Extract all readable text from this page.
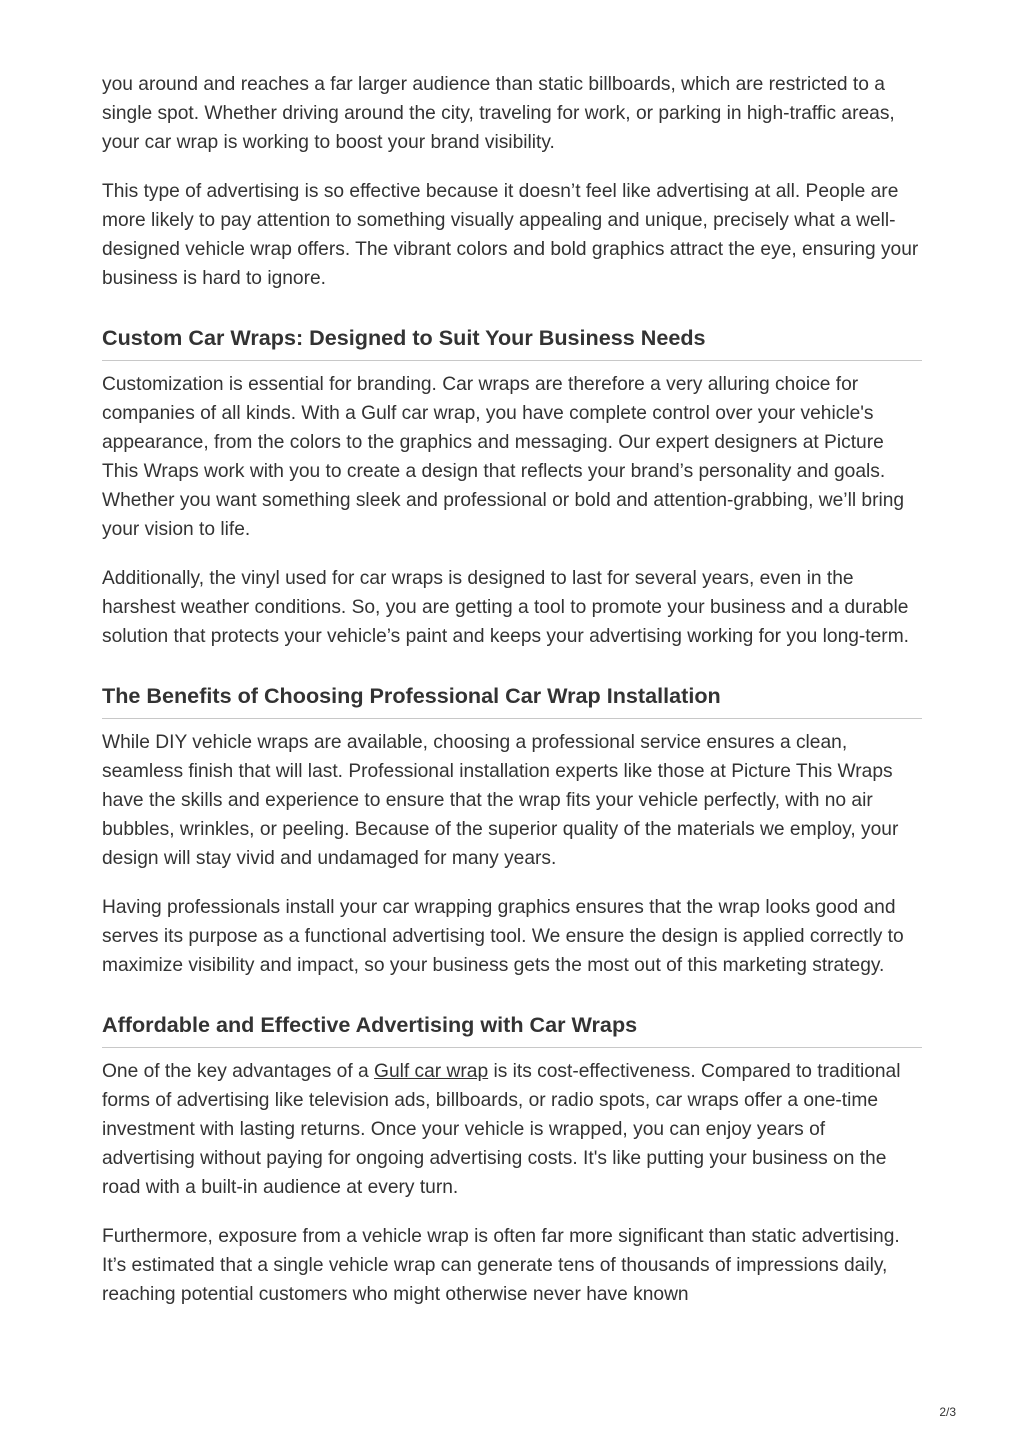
you around and reaches a far larger audience than static billboards, which are restricted to a single spot. Whether driving around the city, traveling for work, or parking in high-traffic areas, your car wrap is working to boost your brand visibility.

This type of advertising is so effective because it doesn’t feel like advertising at all. People are more likely to pay attention to something visually appealing and unique, precisely what a well-designed vehicle wrap offers. The vibrant colors and bold graphics attract the eye, ensuring your business is hard to ignore.

Custom Car Wraps: Designed to Suit Your Business Needs

Customization is essential for branding. Car wraps are therefore a very alluring choice for companies of all kinds. With a Gulf car wrap, you have complete control over your vehicle's appearance, from the colors to the graphics and messaging. Our expert designers at Picture This Wraps work with you to create a design that reflects your brand’s personality and goals. Whether you want something sleek and professional or bold and attention-grabbing, we’ll bring your vision to life.

Additionally, the vinyl used for car wraps is designed to last for several years, even in the harshest weather conditions. So, you are getting a tool to promote your business and a durable solution that protects your vehicle’s paint and keeps your advertising working for you long-term.

The Benefits of Choosing Professional Car Wrap Installation

While DIY vehicle wraps are available, choosing a professional service ensures a clean, seamless finish that will last. Professional installation experts like those at Picture This Wraps have the skills and experience to ensure that the wrap fits your vehicle perfectly, with no air bubbles, wrinkles, or peeling. Because of the superior quality of the materials we employ, your design will stay vivid and undamaged for many years.

Having professionals install your car wrapping graphics ensures that the wrap looks good and serves its purpose as a functional advertising tool. We ensure the design is applied correctly to maximize visibility and impact, so your business gets the most out of this marketing strategy.

Affordable and Effective Advertising with Car Wraps

One of the key advantages of a Gulf car wrap is its cost-effectiveness. Compared to traditional forms of advertising like television ads, billboards, or radio spots, car wraps offer a one-time investment with lasting returns. Once your vehicle is wrapped, you can enjoy years of advertising without paying for ongoing advertising costs. It's like putting your business on the road with a built-in audience at every turn.

Furthermore, exposure from a vehicle wrap is often far more significant than static advertising. It’s estimated that a single vehicle wrap can generate tens of thousands of impressions daily, reaching potential customers who might otherwise never have known

2/3
